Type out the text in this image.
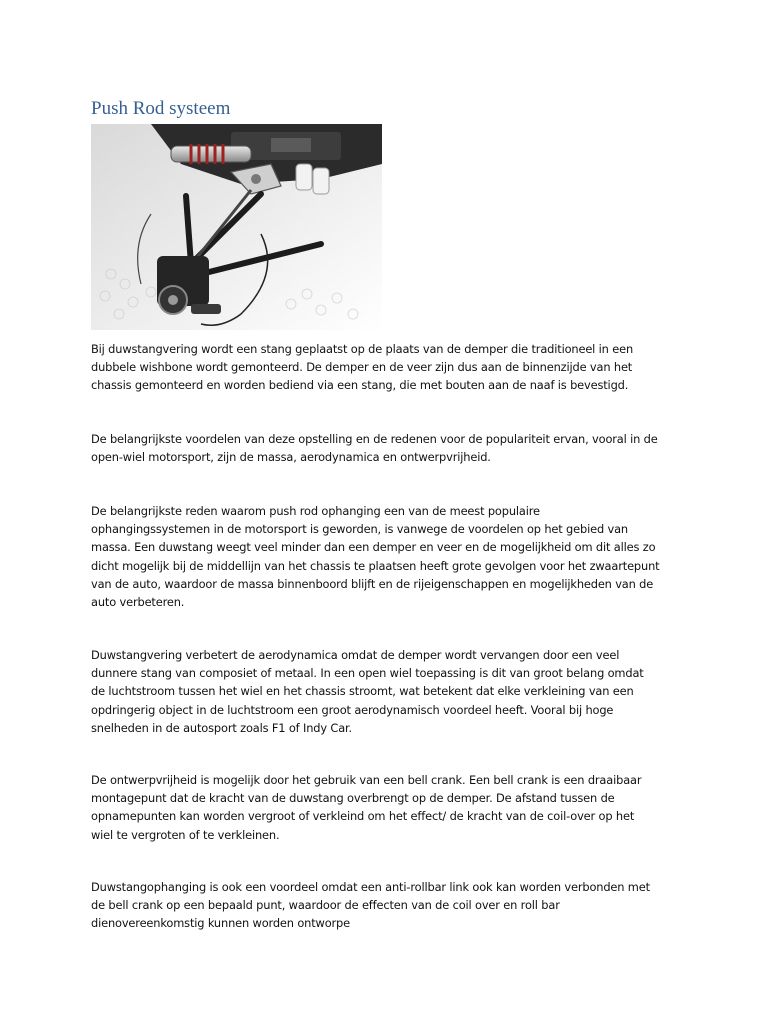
Push Rod systeem

Bij duwstangvering wordt een stang geplaatst op de plaats van de demper die traditioneel in een
dubbele wishbone wordt gemonteerd. De demper en de veer zijn dus aan de binnenzijde van het
chassis gemonteerd en worden bediend via een stang, die met bouten aan de naaf is bevestigd.

De belangrijkste voordelen van deze opstelling en de redenen voor de populariteit ervan, vooral in de
open-wiel motorsport, zijn de massa, aerodynamica en ontwerpvrijheid.

De belangrijkste reden waarom push rod ophanging een van de meest populaire
ophangingssystemen in de motorsport is geworden, is vanwege de voordelen op het gebied van
massa. Een duwstang weegt veel minder dan een demper en veer en de mogelijkheid om dit alles zo
dicht mogelijk bij de middellijn van het chassis te plaatsen heeft grote gevolgen voor het zwaartepunt
van de auto, waardoor de massa binnenboord blijft en de rijeigenschappen en mogelijkheden van de
auto verbeteren.

Duwstangvering verbetert de aerodynamica omdat de demper wordt vervangen door een veel
dunnere stang van composiet of metaal. In een open wiel toepassing is dit van groot belang omdat
de luchtstroom tussen het wiel en het chassis stroomt, wat betekent dat elke verkleining van een
opdringerig object in de luchtstroom een groot aerodynamisch voordeel heeft. Vooral bij hoge
snelheden in de autosport zoals F1 of Indy Car.

De ontwerpvrijheid is mogelijk door het gebruik van een bell crank. Een bell crank is een draaibaar
montagepunt dat de kracht van de duwstang overbrengt op de demper. De afstand tussen de
opnamepunten kan worden vergroot of verkleind om het effect/ de kracht van de coil-over op het
wiel te vergroten of te verkleinen.

Duwstangophanging is ook een voordeel omdat een anti-rollbar link ook kan worden verbonden met
de bell crank op een bepaald punt, waardoor de effecten van de coil over en roll bar
dienovereenkomstig kunnen worden ontworpe
